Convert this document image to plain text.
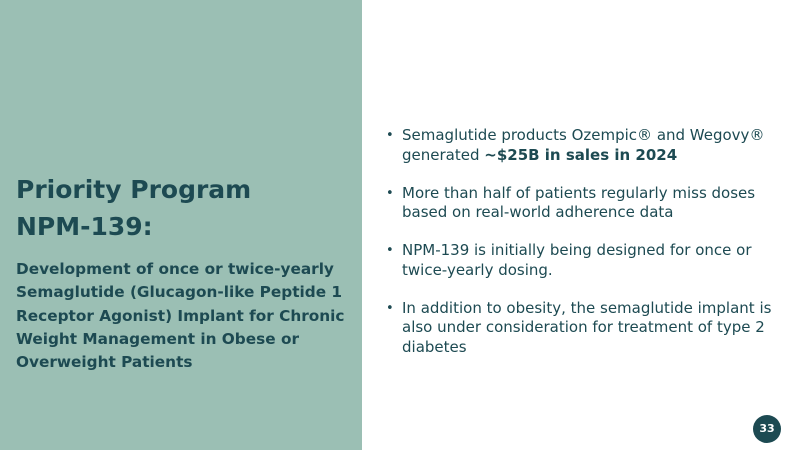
Priority Program
NPM-139:

Development of once or twice-yearly Semaglutide (Glucagon-like Peptide 1 Receptor Agonist) Implant for Chronic Weight Management in Obese or Overweight Patients

• Semaglutide products Ozempic® and Wegovy® generated ~$25B in sales in 2024
• More than half of patients regularly miss doses based on real-world adherence data
• NPM-139 is initially being designed for once or twice-yearly dosing.
• In addition to obesity, the semaglutide implant is also under consideration for treatment of type 2 diabetes
33
